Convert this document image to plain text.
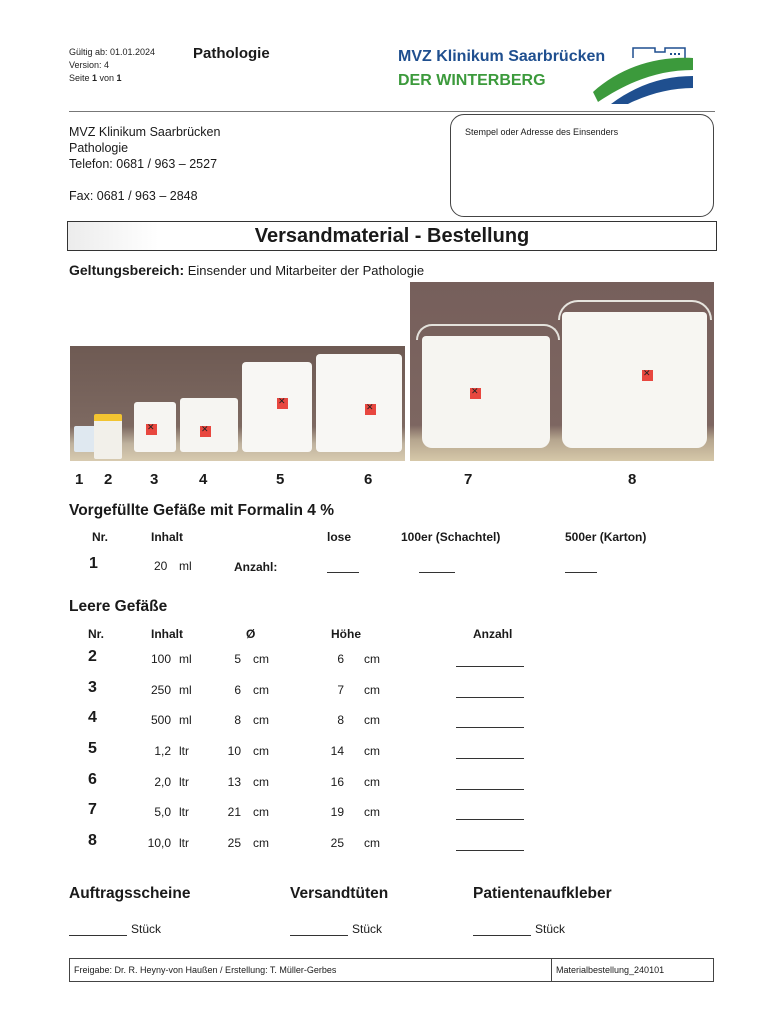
Gültig ab: 01.01.2024
Version: 4
Seite 1 von 1
Pathologie	MVZ Klinikum Saarbrücken
DER WINTERBERG
MVZ Klinikum Saarbrücken
Pathologie
Telefon: 0681 / 963 – 2527
Fax: 0681 / 963 – 2848
Stempel oder Adresse des Einsenders
Versandmaterial - Bestellung
Geltungsbereich: Einsender und Mitarbeiter der Pathologie
✕
✕
✕
✕
✕
✕
1 2	3	4	5	6	7	8
Vorgefüllte Gefäße mit Formalin 4 %
Nr.	Inhalt	lose	100er (Schachtel)	500er (Karton)
1	20 ml	Anzahl:
Leere Gefäße
Nr.	Inhalt	Ø	Höhe	Anzahl
2	100 ml	5 cm	6 cm
3	250 ml	6 cm	7 cm
4	500 ml	8 cm	8 cm
5	1,2 ltr	10 cm	14 cm
6	2,0 ltr	13 cm	16 cm
7	5,0 ltr	21 cm	19 cm
8	10,0 ltr	25 cm	25 cm
Auftragsscheine	Versandtüten	Patientenaufkleber
Stück	Stück	Stück
Freigabe: Dr. R. Heyny-von Haußen / Erstellung: T. Müller-Gerbes	Materialbestellung_240101
